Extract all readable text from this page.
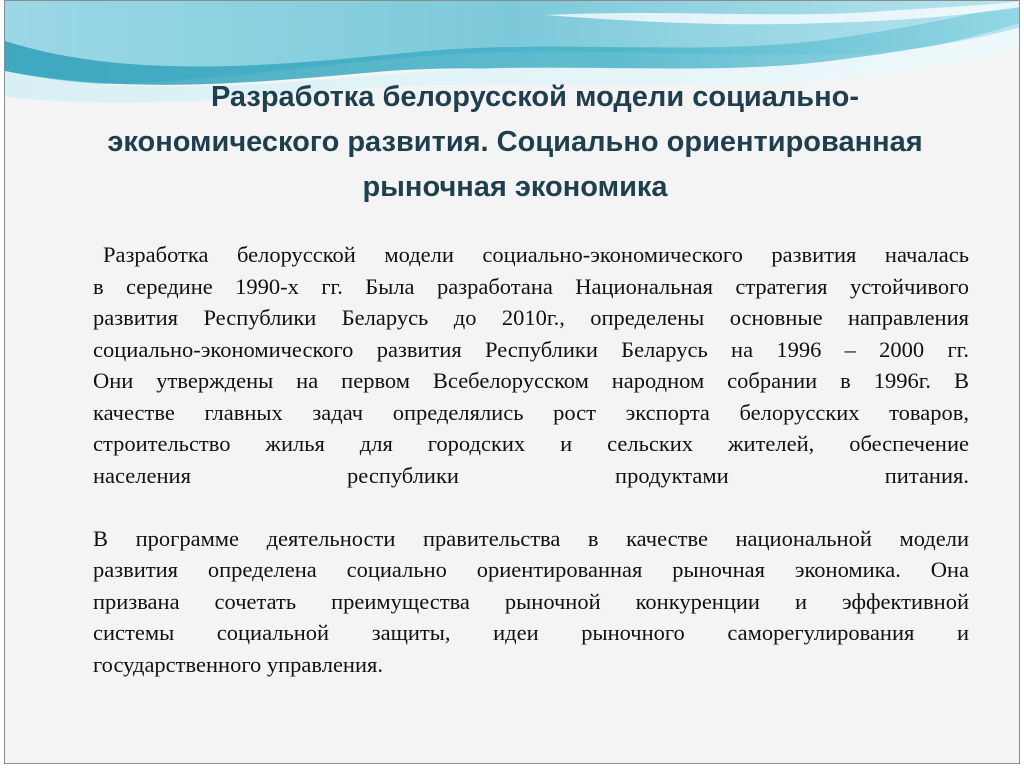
Разработка белорусской модели социально-
экономического развития. Социально ориентированная
рыночная экономика

Разработка белорусской модели социально-экономического развития началась

в середине 1990-х гг. Была разработана Национальная стратегия устойчивого

развития Республики Беларусь до 2010г., определены основные направления

социально-экономического развития Республики Беларусь на 1996 – 2000 гг.

Они утверждены на первом Всебелорусском народном собрании в 1996г. В

качестве главных задач определялись рост экспорта белорусских товаров,

строительство жилья для городских и сельских жителей, обеспечение

населения республики продуктами питания.

В программе деятельности правительства в качестве национальной модели

развития определена социально ориентированная рыночная экономика. Она

призвана сочетать преимущества рыночной конкуренции и эффективной

системы социальной защиты, идеи рыночного саморегулирования и

государственного управления.
